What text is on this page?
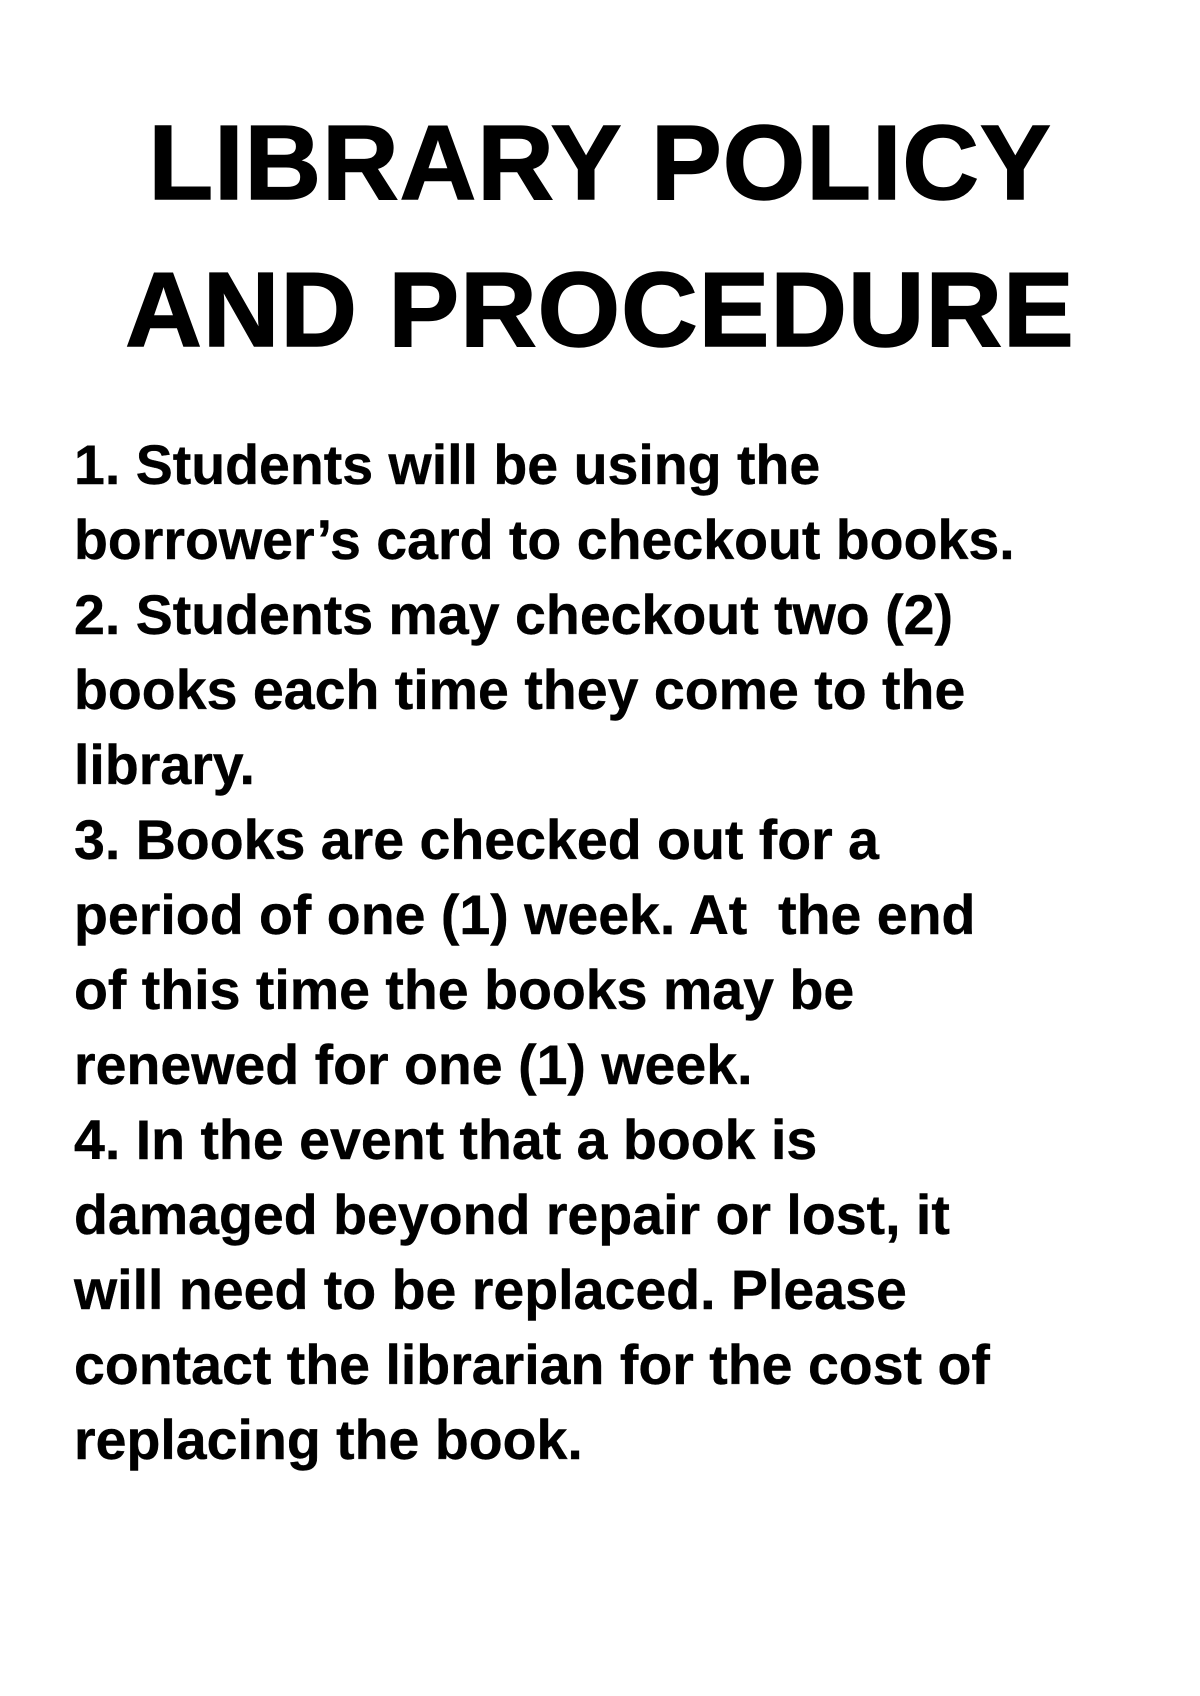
LIBRARY POLICY
AND PROCEDURE
1. Students will be using the
borrower’s card to checkout books.
2. Students may checkout two (2)
books each time they come to the
library.
3. Books are checked out for a
period of one (1) week. At  the end
of this time the books may be
renewed for one (1) week.
4. In the event that a book is
damaged beyond repair or lost, it
will need to be replaced. Please
contact the librarian for the cost of
replacing the book.
